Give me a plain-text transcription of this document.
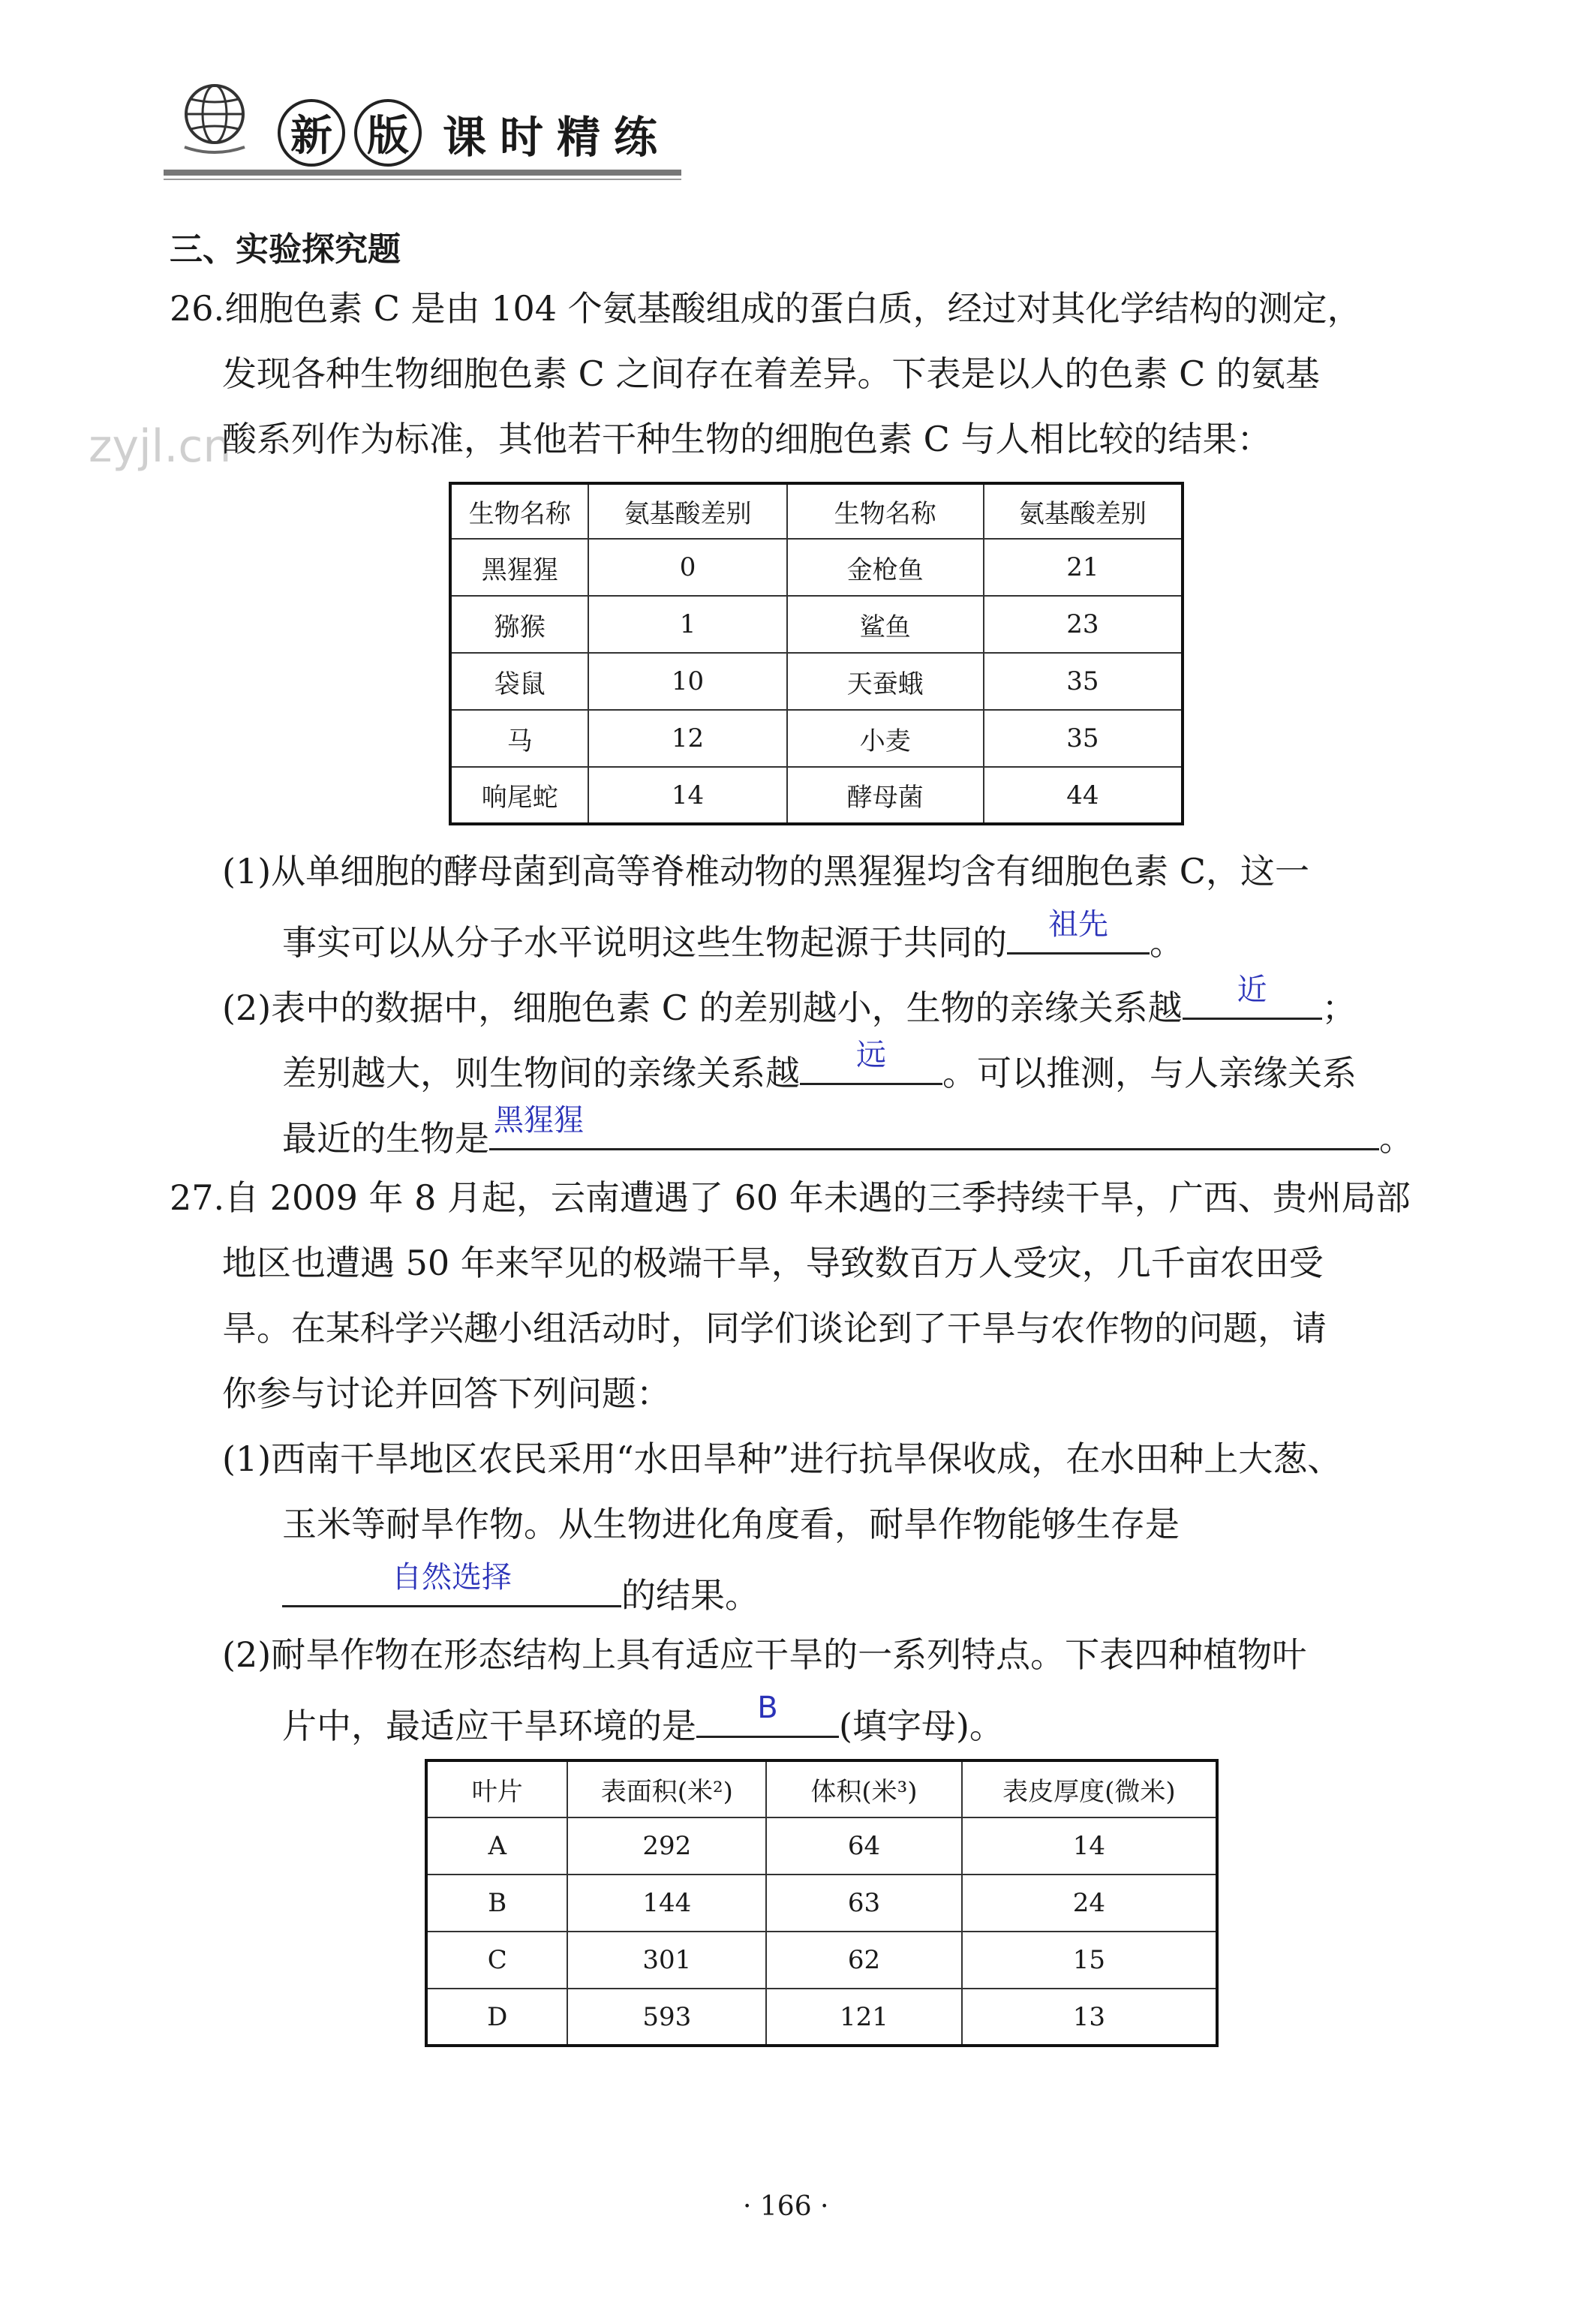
新 版 课时精练
zyjl.cn
三、实验探究题
26.细胞色素 C 是由 104 个氨基酸组成的蛋白质，经过对其化学结构的测定，
发现各种生物细胞色素 C 之间存在着差异。下表是以人的色素 C 的氨基
酸系列作为标准，其他若干种生物的细胞色素 C 与人相比较的结果：
生物名称	氨基酸差别	生物名称	氨基酸差别
黑猩猩	0	金枪鱼	21
猕猴	1	鲨鱼	23
袋鼠	10	天蚕蛾	35
马	12	小麦	35
响尾蛇	14	酵母菌	44
(1)从单细胞的酵母菌到高等脊椎动物的黑猩猩均含有细胞色素 C，这一
事实可以从分子水平说明这些生物起源于共同的	祖先	。
(2)表中的数据中，细胞色素 C 的差别越小，生物的亲缘关系越	近	；
差别越大，则生物间的亲缘关系越	远	。可以推测，与人亲缘关系
最近的生物是 黑猩猩	。
27.自 2009 年 8 月起，云南遭遇了 60 年未遇的三季持续干旱，广西、贵州局部
地区也遭遇 50 年来罕见的极端干旱，导致数百万人受灾，几千亩农田受
旱。在某科学兴趣小组活动时，同学们谈论到了干旱与农作物的问题，请
你参与讨论并回答下列问题：
(1)西南干旱地区农民采用“水田旱种”进行抗旱保收成，在水田种上大葱、
玉米等耐旱作物。从生物进化角度看，耐旱作物能够生存是
自然选择	的结果。
(2)耐旱作物在形态结构上具有适应干旱的一系列特点。下表四种植物叶
片中，最适应干旱环境的是	B	(填字母)。
叶片	表面积(米²)	体积(米³)	表皮厚度(微米)
A	292	64	14
B	144	63	24
C	301	62	15
D	593	121	13
· 166 ·
